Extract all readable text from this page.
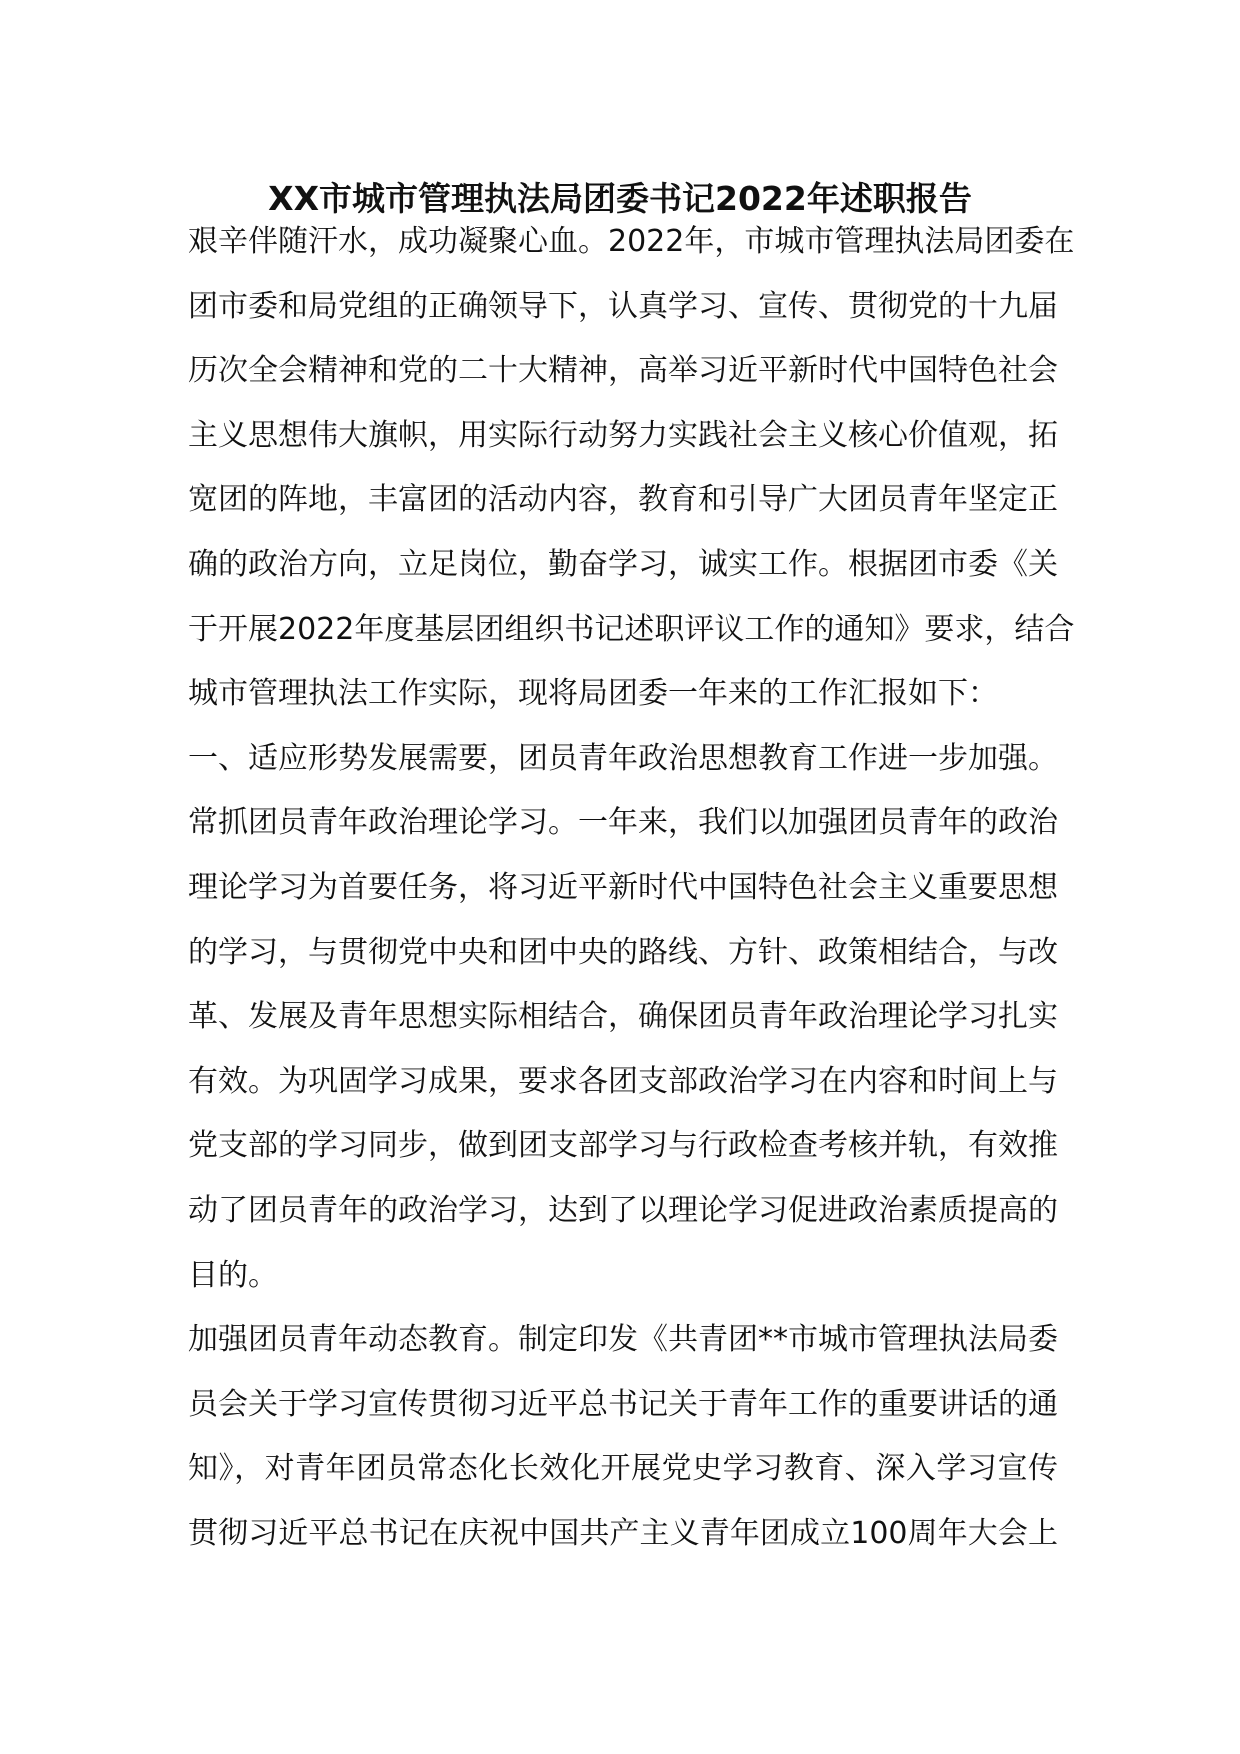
XX市城市管理执法局团委书记2022年述职报告

艰辛伴随汗水，成功凝聚心血。2022年，市城市管理执法局团委在

团市委和局党组的正确领导下，认真学习、宣传、贯彻党的十九届

历次全会精神和党的二十大精神，高举习近平新时代中国特色社会

主义思想伟大旗帜，用实际行动努力实践社会主义核心价值观，拓

宽团的阵地，丰富团的活动内容，教育和引导广大团员青年坚定正

确的政治方向，立足岗位，勤奋学习，诚实工作。根据团市委《关

于开展2022年度基层团组织书记述职评议工作的通知》要求，结合

城市管理执法工作实际，现将局团委一年来的工作汇报如下：

一、适应形势发展需要，团员青年政治思想教育工作进一步加强。

常抓团员青年政治理论学习。一年来，我们以加强团员青年的政治

理论学习为首要任务，将习近平新时代中国特色社会主义重要思想

的学习，与贯彻党中央和团中央的路线、方针、政策相结合，与改

革、发展及青年思想实际相结合，确保团员青年政治理论学习扎实

有效。为巩固学习成果，要求各团支部政治学习在内容和时间上与

党支部的学习同步，做到团支部学习与行政检查考核并轨，有效推

动了团员青年的政治学习，达到了以理论学习促进政治素质提高的

目的。

加强团员青年动态教育。制定印发《共青团**市城市管理执法局委

员会关于学习宣传贯彻习近平总书记关于青年工作的重要讲话的通

知》，对青年团员常态化长效化开展党史学习教育、深入学习宣传

贯彻习近平总书记在庆祝中国共产主义青年团成立100周年大会上
